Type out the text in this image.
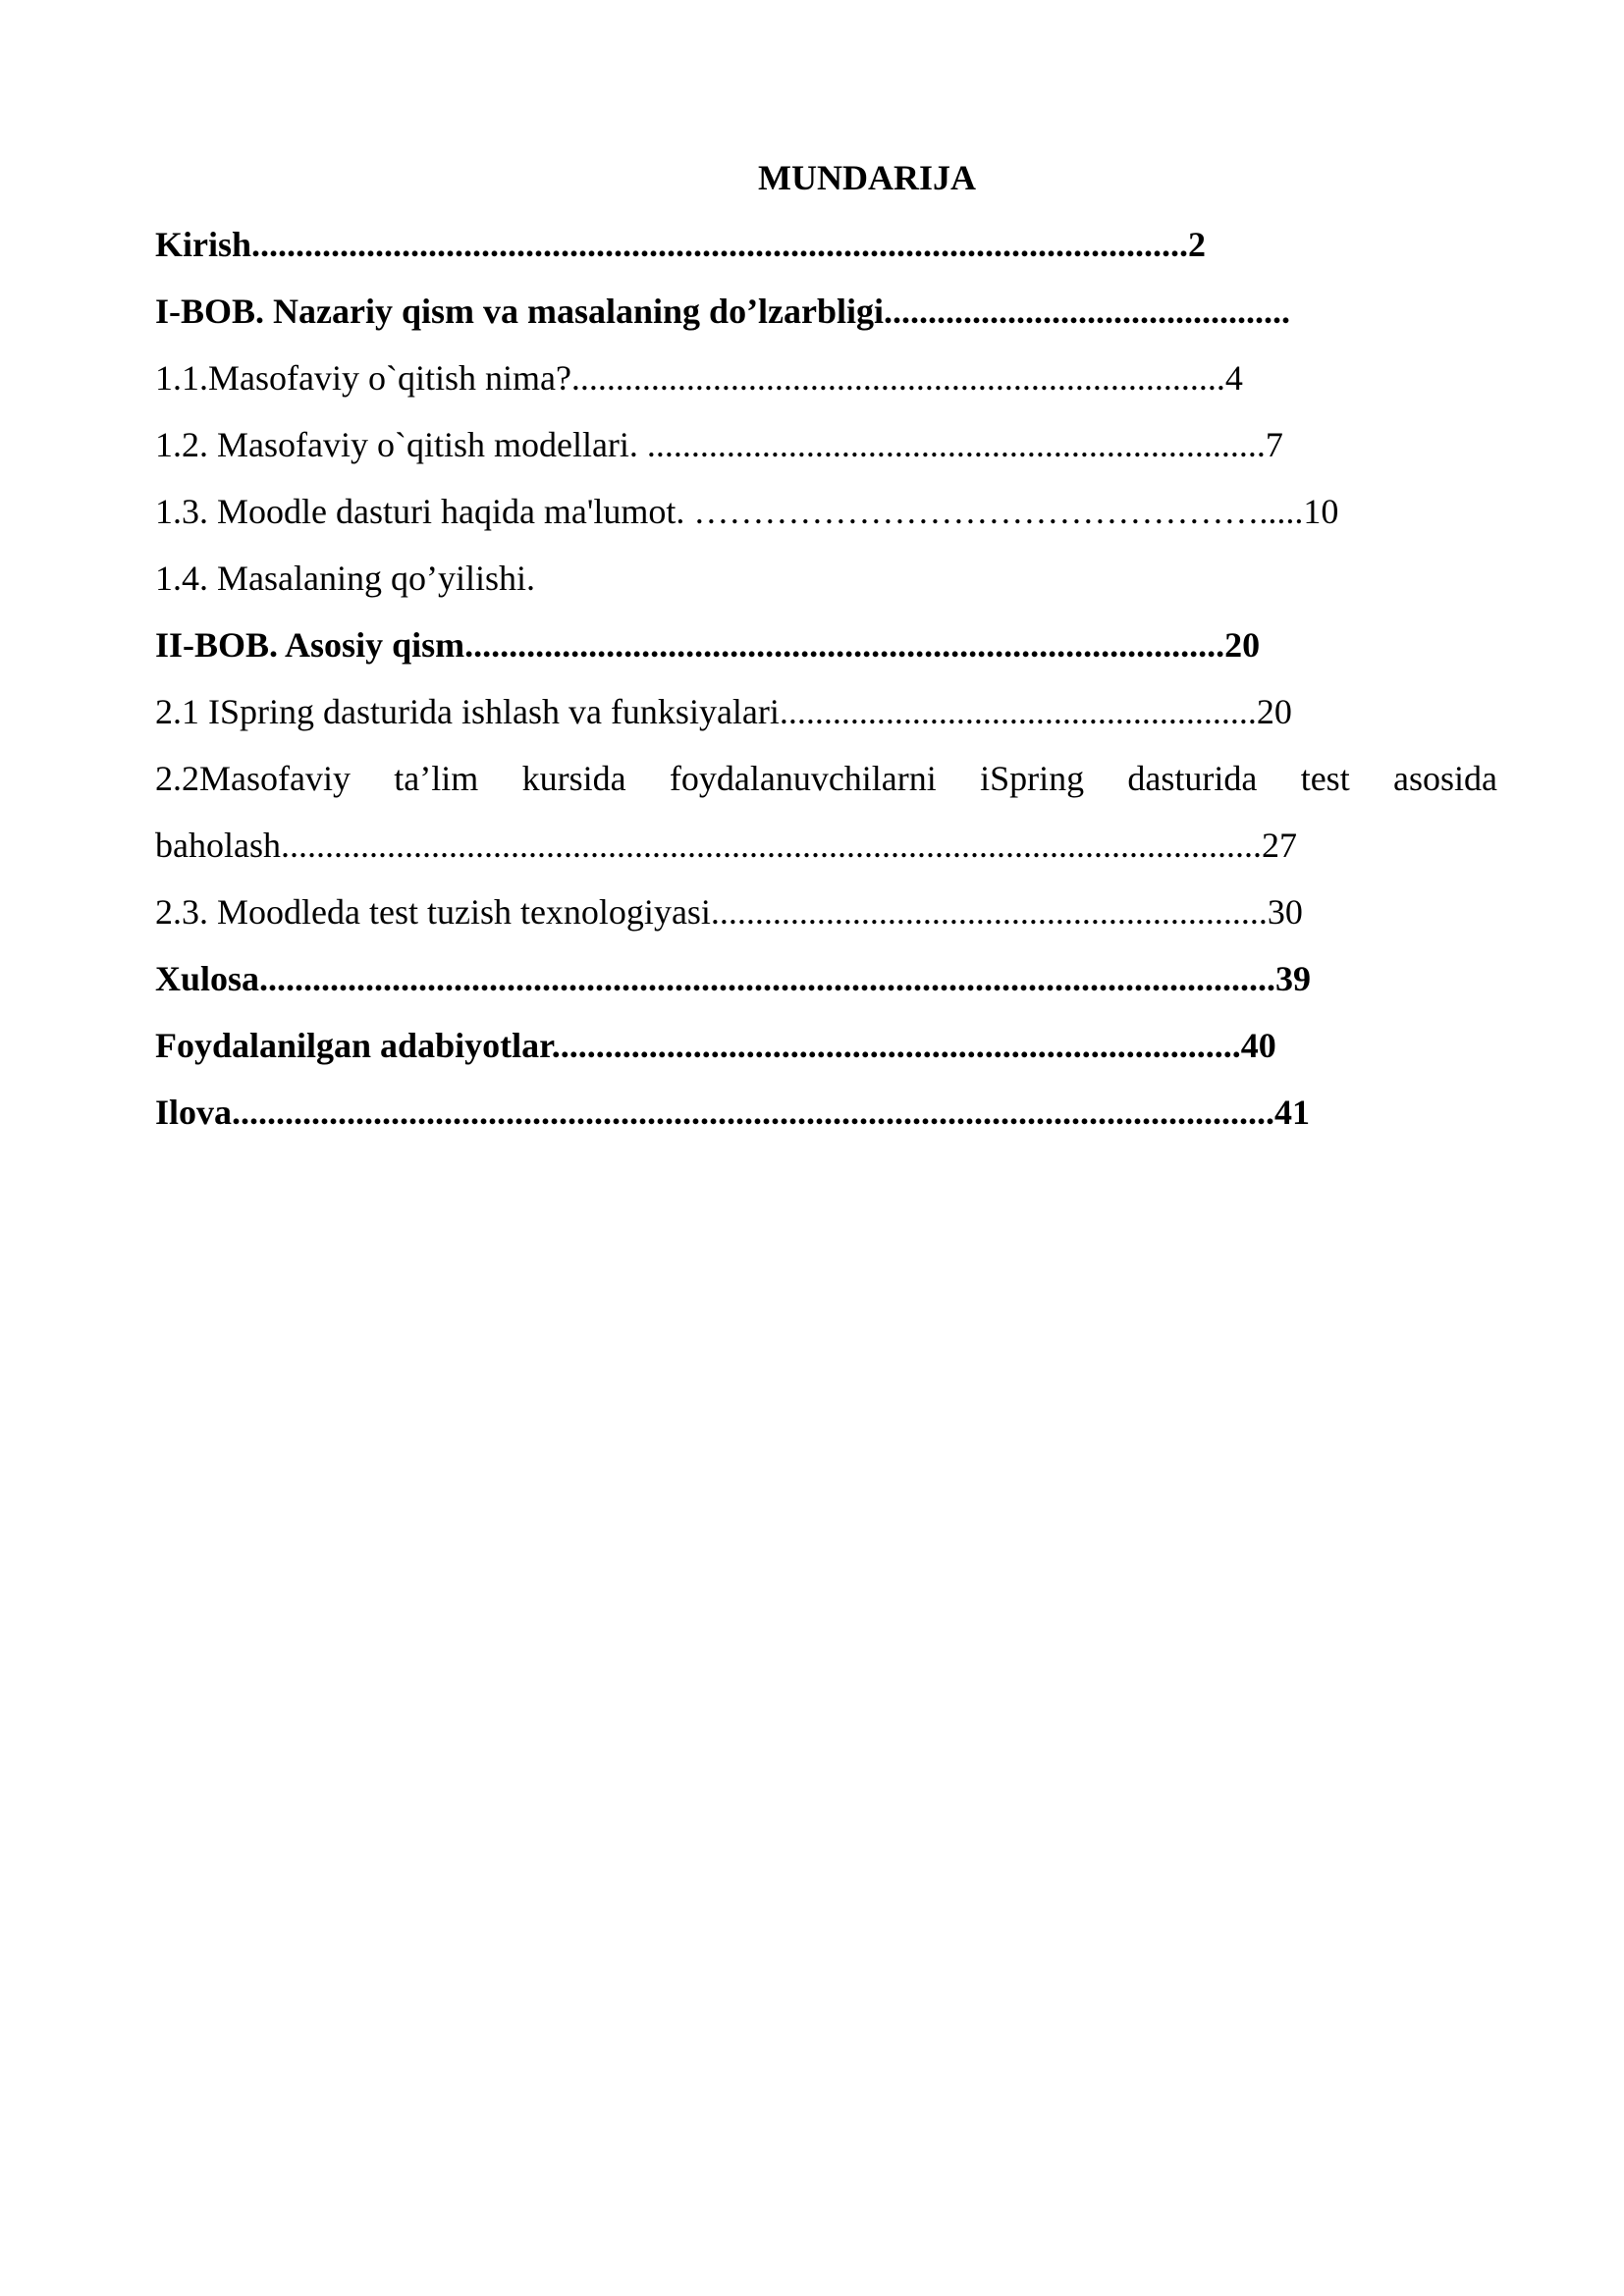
MUNDARIJA
Kirish..........................................................................................................2
I-BOB. Nazariy qism va masalaning do’lzarbligi..............................................
1.1.Masofaviy o`qitish nima?..........................................................................4
1.2. Masofaviy o`qitish modellari. ......................................................................7
1.3. Moodle dasturi haqida ma'lumot. ………………………………………….....10
1.4. Masalaning qo’yilishi.
II-BOB. Asosiy qism......................................................................................20
2.1 ISpring dasturida ishlash va funksiyalari......................................................20
2.2Masofaviy ta’lim kursida foydalanuvchilarni iSpring dasturida test asosida
baholash...............................................................................................................27
2.3. Moodleda test tuzish texnologiyasi...............................................................30
Xulosa...................................................................................................................39
Foydalanilgan adabiyotlar..............................................................................40
Ilova......................................................................................................................41
